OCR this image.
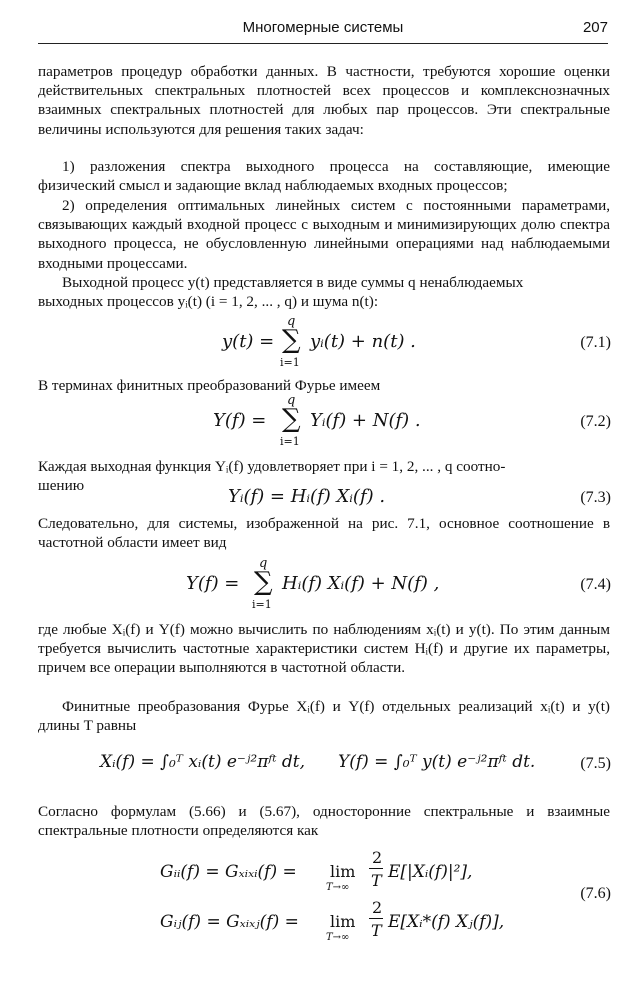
Многомерные системы	207
параметров процедур обработки данных. В частности, требуются хорошие оценки действительных спектральных плотностей всех процессов и комплекснозначных взаимных спектральных плотностей для любых пар процессов. Эти спектральные величины используются для решения таких задач:
1) разложения спектра выходного процесса на составляющие, имеющие физический смысл и задающие вклад наблюдаемых входных процессов;
2) определения оптимальных линейных систем с постоянными параметрами, связывающих каждый входной процесс с выходным и минимизирующих долю спектра выходного процесса, не обусловленную линейными операциями над наблюдаемыми входными процессами.
Выходной процесс y(t) представляется в виде суммы q ненаблюдаемых
выходных процессов yᵢ(t) (i = 1, 2, ... , q) и шума n(t):
y(t) =
q
∑
i=1
yᵢ(t) + n(t) .	(7.1)
В терминах финитных преобразований Фурье имеем
Y(f) =
q
∑
i=1
Yᵢ(f) + N(f) .	(7.2)
Каждая выходная функция Yᵢ(f) удовлетворяет при i = 1, 2, ... , q соотно-
шению
Yᵢ(f) = Hᵢ(f) Xᵢ(f) .	(7.3)
Следовательно, для системы, изображенной на рис. 7.1, основное соотношение в частотной области имеет вид
Y(f) =
q
∑
i=1
Hᵢ(f) Xᵢ(f) + N(f) ,	(7.4)
где любые Xᵢ(f) и Y(f) можно вычислить по наблюдениям xᵢ(t) и y(t). По этим данным требуется вычислить частотные характеристики систем Hᵢ(f) и другие их параметры, причем все операции выполняются в частотной области.
Финитные преобразования Фурье Xᵢ(f) и Y(f) отдельных реализаций xᵢ(t) и y(t) длины T равны
Xᵢ(f) = ∫₀ᵀ xᵢ(t) e⁻ʲ²πᶠᵗ dt, Y(f) = ∫₀ᵀ y(t) e⁻ʲ²πᶠᵗ dt.	(7.5)
Согласно формулам (5.66) и (5.67), односторонние спектральные и взаимные спектральные плотности определяются как
Gᵢᵢ(f) = Gₓᵢₓᵢ(f) = lim
T→∞
2
T E[|Xᵢ(f)|²],
Gᵢⱼ(f) = Gₓᵢₓⱼ(f) = lim
T→∞
2
T E[Xᵢ*(f) Xⱼ(f)],
(7.6)
